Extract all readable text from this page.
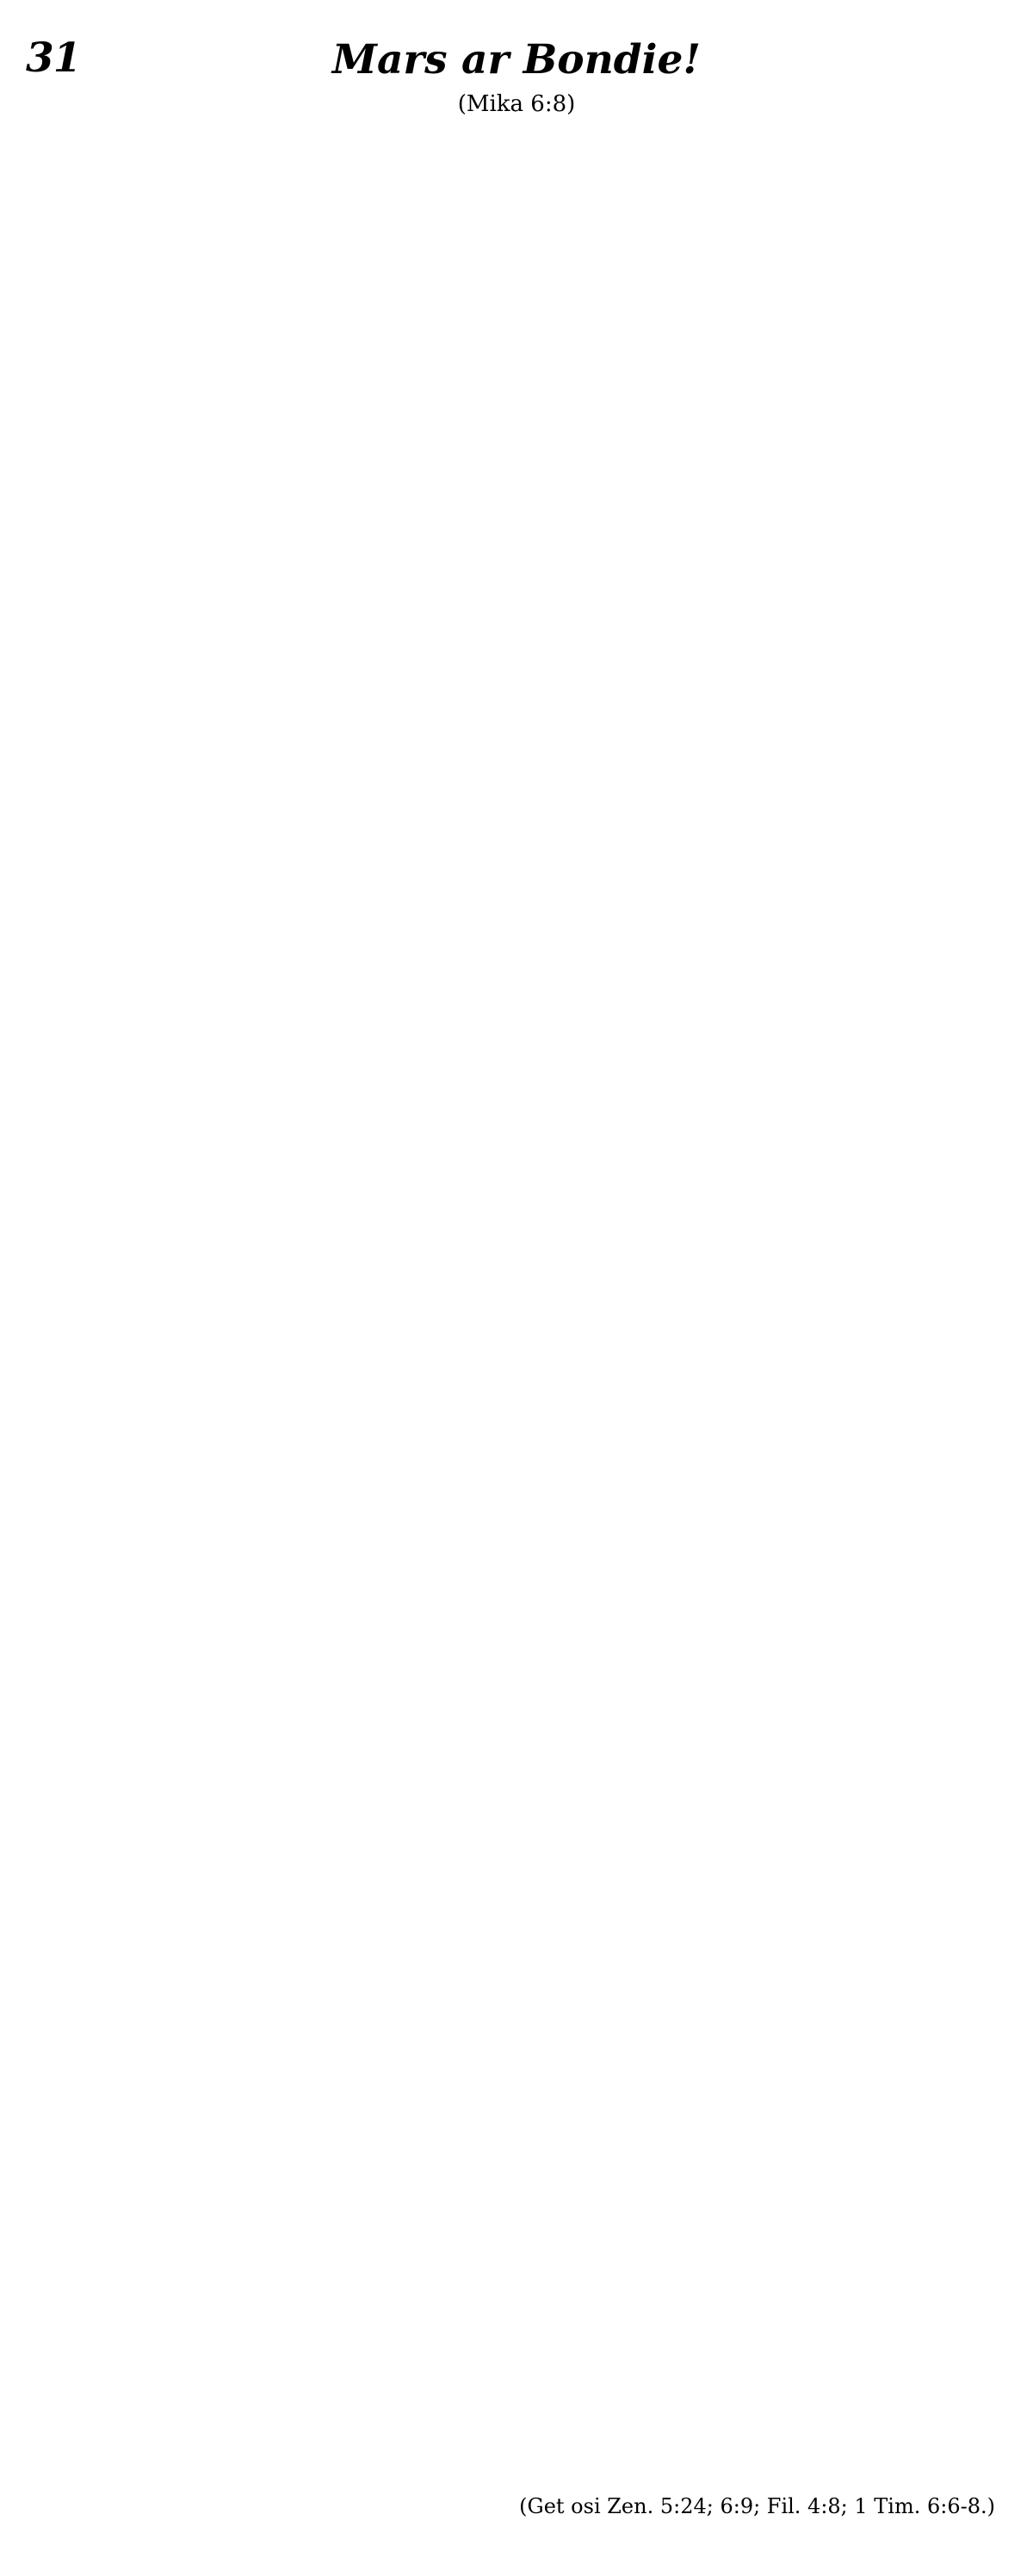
31	Mars ar Bondie!
(Mika 6:8)
(Get osi Zen. 5:24; 6:9; Fil. 4:8; 1 Tim. 6:6-8.)
